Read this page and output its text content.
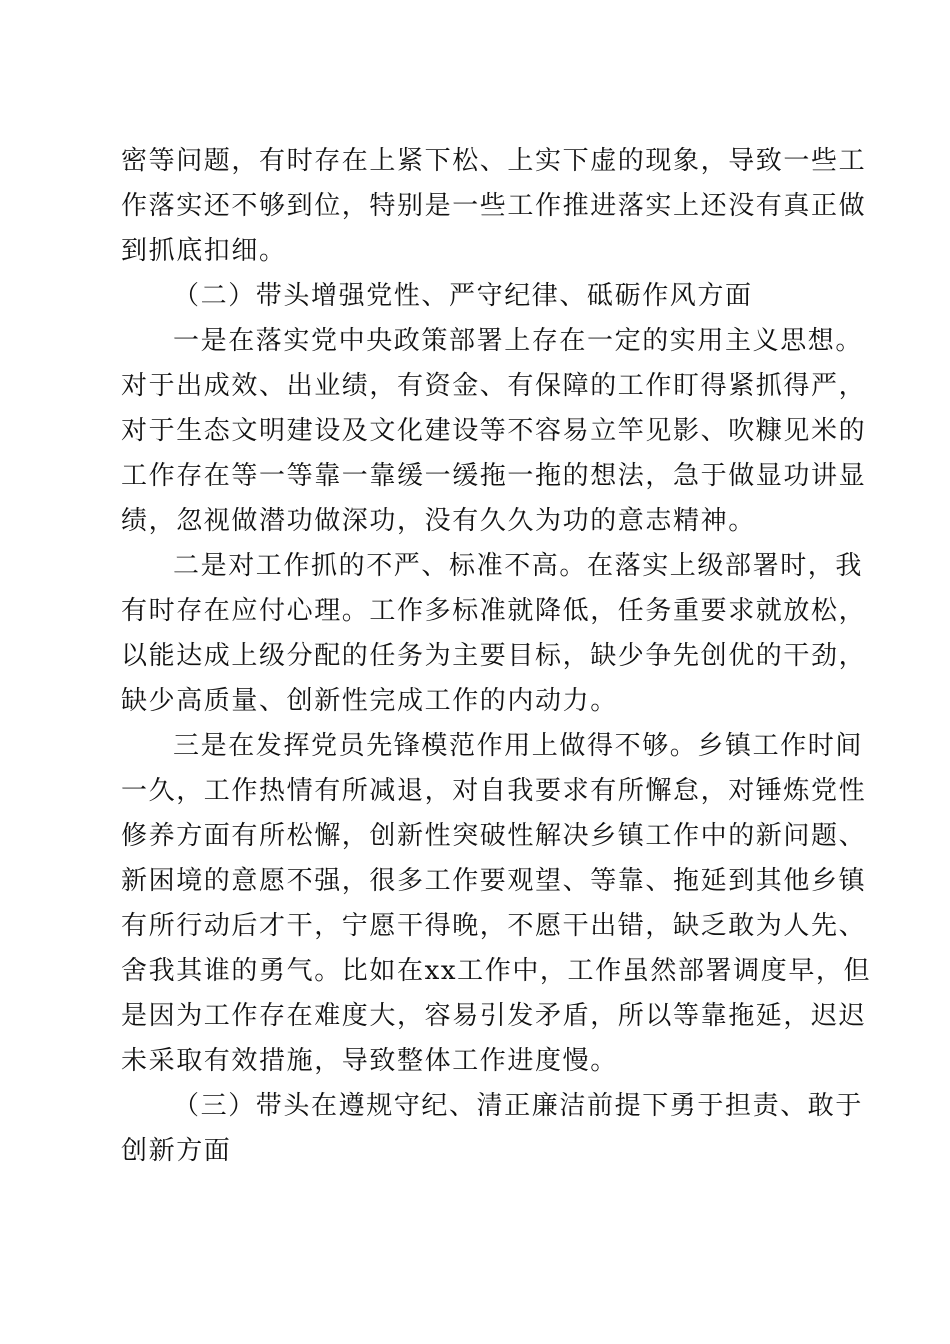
密等问题，有时存在上紧下松、上实下虚的现象，导致一些工
作落实还不够到位，特别是一些工作推进落实上还没有真正做
到抓底扣细。
（二）带头增强党性、严守纪律、砥砺作风方面
一是在落实党中央政策部署上存在一定的实用主义思想。
对于出成效、出业绩，有资金、有保障的工作盯得紧抓得严，
对于生态文明建设及文化建设等不容易立竿见影、吹糠见米的
工作存在等一等靠一靠缓一缓拖一拖的想法，急于做显功讲显
绩，忽视做潜功做深功，没有久久为功的意志精神。
二是对工作抓的不严、标准不高。在落实上级部署时，我
有时存在应付心理。工作多标准就降低，任务重要求就放松，
以能达成上级分配的任务为主要目标，缺少争先创优的干劲，
缺少高质量、创新性完成工作的内动力。
三是在发挥党员先锋模范作用上做得不够。乡镇工作时间
一久，工作热情有所减退，对自我要求有所懈怠，对锤炼党性
修养方面有所松懈，创新性突破性解决乡镇工作中的新问题、
新困境的意愿不强，很多工作要观望、等靠、拖延到其他乡镇
有所行动后才干，宁愿干得晚，不愿干出错，缺乏敢为人先、
舍我其谁的勇气。比如在xx工作中，工作虽然部署调度早，但
是因为工作存在难度大，容易引发矛盾，所以等靠拖延，迟迟
未采取有效措施，导致整体工作进度慢。
（三）带头在遵规守纪、清正廉洁前提下勇于担责、敢于
创新方面
